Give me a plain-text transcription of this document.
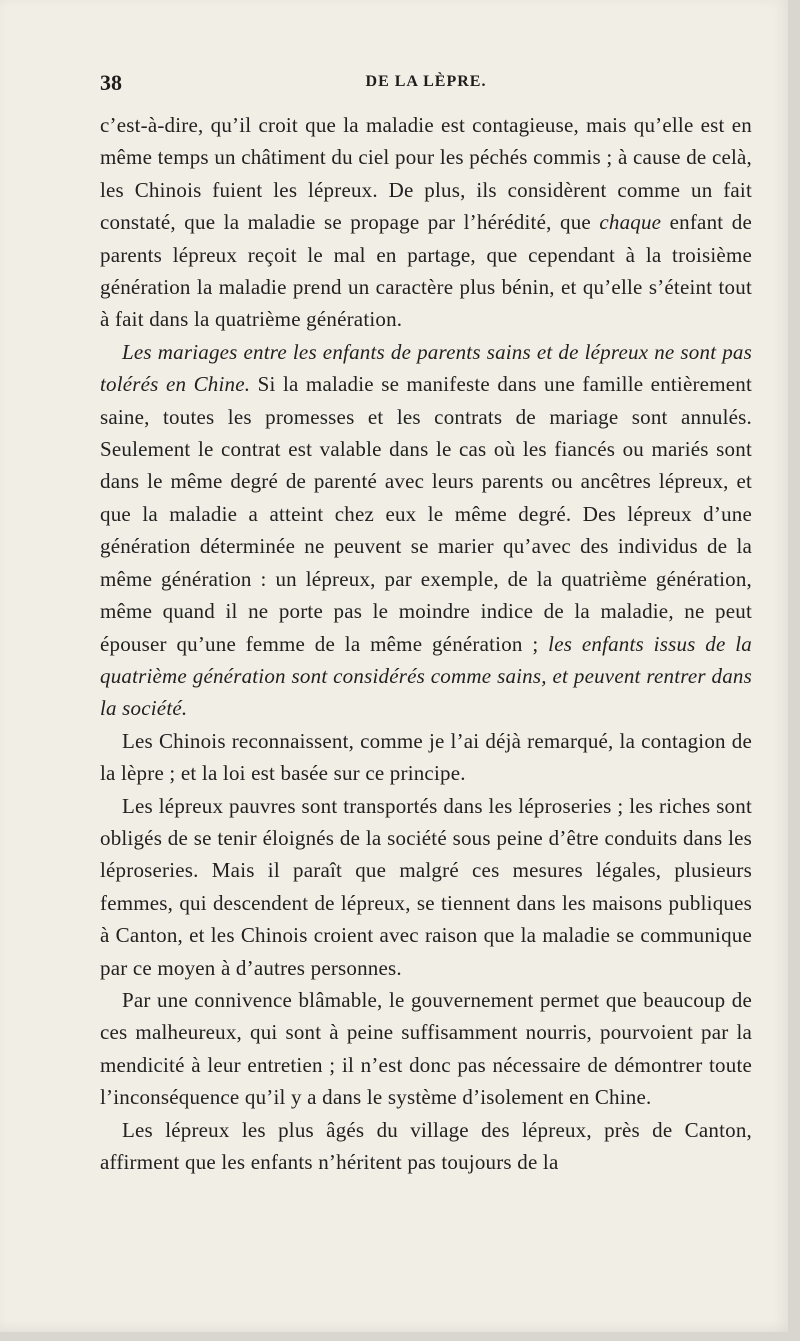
38	DE LA LÈPRE.

c’est-à-dire, qu’il croit que la maladie est contagieuse, mais qu’elle est en même temps un châtiment du ciel pour les péchés commis ; à cause de celà, les Chinois fuient les lépreux. De plus, ils considèrent comme un fait constaté, que la maladie se propage par l’hérédité, que chaque enfant de parents lépreux reçoit le mal en partage, que cependant à la troisième génération la maladie prend un caractère plus bénin, et qu’elle s’éteint tout à fait dans la quatrième génération.

Les mariages entre les enfants de parents sains et de lépreux ne sont pas tolérés en Chine. Si la maladie se manifeste dans une famille entièrement saine, toutes les promesses et les contrats de mariage sont annulés. Seulement le contrat est valable dans le cas où les fiancés ou mariés sont dans le même degré de parenté avec leurs parents ou ancêtres lépreux, et que la maladie a atteint chez eux le même degré. Des lépreux d’une génération déterminée ne peuvent se marier qu’avec des individus de la même génération : un lépreux, par exemple, de la quatrième génération, même quand il ne porte pas le moindre indice de la maladie, ne peut épouser qu’une femme de la même génération ; les enfants issus de la quatrième génération sont considérés comme sains, et peuvent rentrer dans la société.

Les Chinois reconnaissent, comme je l’ai déjà remarqué, la contagion de la lèpre ; et la loi est basée sur ce principe.

Les lépreux pauvres sont transportés dans les léproseries ; les riches sont obligés de se tenir éloignés de la société sous peine d’être conduits dans les léproseries. Mais il paraît que malgré ces mesures légales, plusieurs femmes, qui descendent de lépreux, se tiennent dans les maisons publiques à Canton, et les Chinois croient avec raison que la maladie se communique par ce moyen à d’autres personnes.

Par une connivence blâmable, le gouvernement permet que beaucoup de ces malheureux, qui sont à peine suffisamment nourris, pourvoient par la mendicité à leur entretien ; il n’est donc pas nécessaire de démontrer toute l’inconséquence qu’il y a dans le système d’isolement en Chine.

Les lépreux les plus âgés du village des lépreux, près de Canton, affirment que les enfants n’héritent pas toujours de la
